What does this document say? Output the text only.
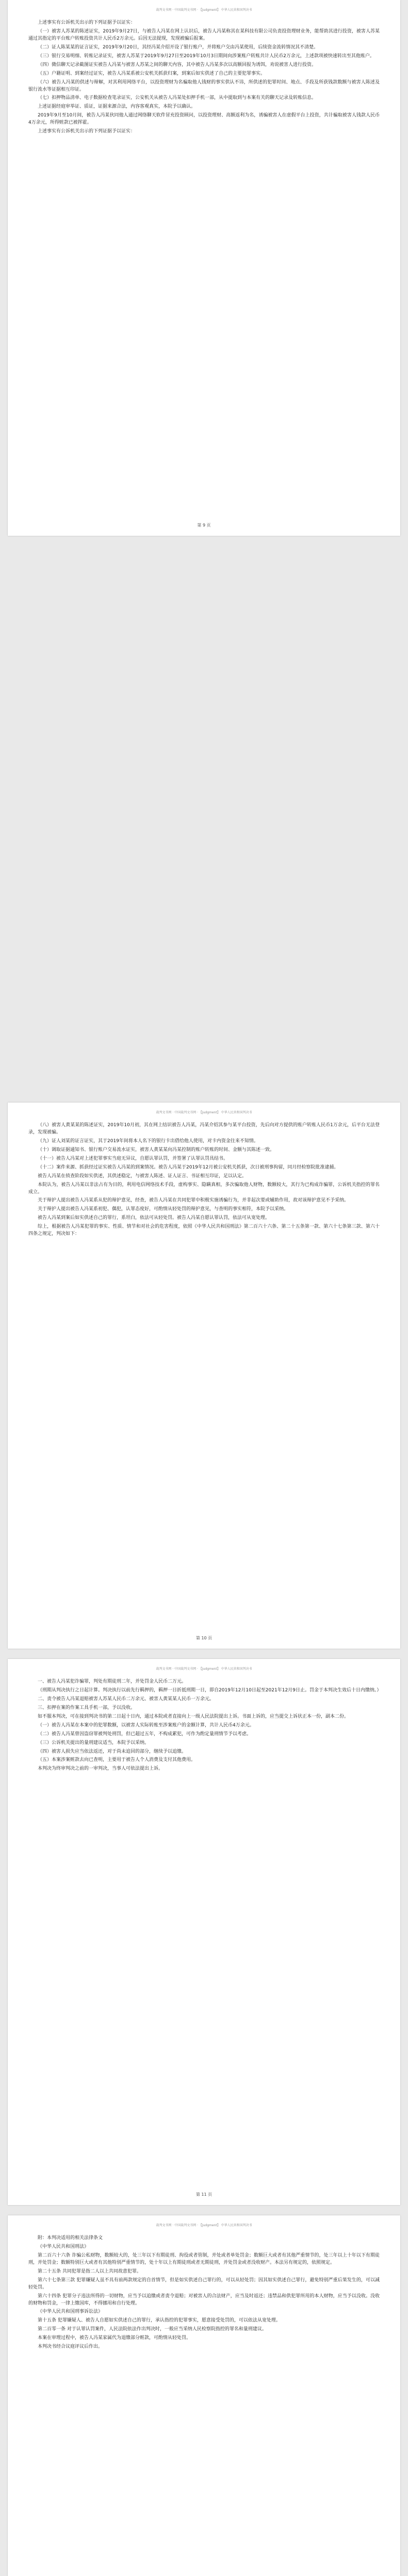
裁判文书网 · 中国裁判文书网 · 【Judgment】 中华人民共和国判决书

上述事实有公诉机关出示的下列证据予以证实：

（一）被害人苏某的陈述证实，2019年9月27日，与被告人冯某在网上认识后，被告人冯某称其在某科技有限公司负责投资理财业务，能帮助其进行投资，被害人苏某通过其指定的平台账户转账投资共计人民币2万余元。后因无法提现，发现被骗后报案。

（二）证人陈某某的证言证实，2019年9月20日，其经冯某介绍开设了银行账户，并将账户交由冯某使用，后续资金流转情况其不清楚。

（三）银行交易明细、转账记录证实，被害人苏某于2019年9月27日至2019年10月3日期间向涉案账户转账共计人民币2万余元，上述款项被快速转出至其他账户。

（四）微信聊天记录截图证实被告人冯某与被害人苏某之间的聊天内容，其中被告人冯某多次以高额回报为诱饵，劝说被害人进行投资。

（五）户籍证明、到案经过证实，被告人冯某系被公安机关抓获归案，到案后如实供述了自己的主要犯罪事实。

（六）被告人冯某的供述与辩解，对其利用网络平台，以投资理财为名骗取他人钱财的事实供认不讳，所供述的犯罪时间、地点、手段及所获钱款数额与被害人陈述及银行流水等证据相互印证。

（七）扣押物品清单、电子数据检查笔录证实，公安机关从被告人冯某处扣押手机一部，从中提取到与本案有关的聊天记录及转账信息。

上述证据经庭审举证、质证，证据来源合法，内容客观真实，本院予以确认。

2019年9月至10月间，被告人冯某伙同他人通过网络聊天软件冒充投资顾问，以投资理财、高额返利为名，诱骗被害人在虚假平台上投资，共计骗取被害人钱款人民币4万余元，所得赃款已被挥霍。

上述事实有公诉机关出示的下列证据予以证实：

第 9 页
裁判文书网 · 中国裁判文书网 · 【Judgment】 中华人民共和国判决书

（八）被害人黄某某的陈述证实，2019年10月初，其在网上结识被告人冯某，冯某介绍其参与某平台投资，先后向对方提供的账户转账人民币1万余元，后平台无法登录，发现被骗。

（九）证人刘某的证言证实，其于2019年间将本人名下的银行卡出借给他人使用，对卡内资金往来不知情。

（十）调取证据通知书、银行账户交易流水证实，被害人黄某某向冯某控制的账户转账的时间、金额与其陈述一致。

（十一）被告人冯某对上述犯罪事实当庭无异议，自愿认罪认罚，并签署了认罪认罚具结书。

（十二）案件来源、抓获经过证实被告人冯某的到案情况。被告人冯某于2019年12月被公安机关抓获，次日被刑事拘留，同月经检察院批准逮捕。

被告人冯某在侦查阶段如实供述，其供述稳定，与被害人陈述、证人证言、书证相互印证，足以认定。

本院认为，被告人冯某以非法占有为目的，利用电信网络技术手段，虚构事实、隐瞒真相，多次骗取他人财物，数额较大，其行为已构成诈骗罪，公诉机关指控的罪名成立。

关于辩护人提出被告人冯某系从犯的辩护意见，经查，被告人冯某在共同犯罪中积极实施诱骗行为，并非起次要或辅助作用，故对该辩护意见不予采纳。

关于辩护人提出被告人冯某系初犯、偶犯，认罪态度好，可酌情从轻处罚的辩护意见，与查明的事实相符，本院予以采纳。

被告人冯某到案后如实供述自己的罪行，系坦白，依法可从轻处罚。被告人冯某自愿认罪认罚，依法可从宽处理。

综上，根据被告人冯某犯罪的事实、性质、情节和对社会的危害程度，依照《中华人民共和国刑法》第二百六十六条、第二十五条第一款、第六十七条第三款、第六十四条之规定，判决如下：

第 10 页
裁判文书网 · 中国裁判文书网 · 【Judgment】 中华人民共和国判决书

一、被告人冯某犯诈骗罪，判处有期徒刑二年，并处罚金人民币二万元。

（刑期从判决执行之日起计算。判决执行以前先行羁押的，羁押一日折抵刑期一日，即自2019年12月10日起至2021年12月9日止。罚金于本判决生效后十日内缴纳。）

二、责令被告人冯某退赔被害人苏某人民币二万余元、被害人黄某某人民币一万余元。

三、扣押在案的作案工具手机一部，予以没收。

如不服本判决，可在接到判决书的第二日起十日内，通过本院或者直接向上一级人民法院提出上诉。书面上诉的，应当提交上诉状正本一份，副本二份。

（一）被告人冯某在本案中的犯罪数额，以被害人实际转账至涉案账户的金额计算，共计人民币4万余元。

（二）被告人冯某曾因盗窃罪被判处刑罚，但已超过五年，不构成累犯，可作为酌定量刑情节予以考虑。

（三）公诉机关提出的量刑建议适当，本院予以采纳。

（四）被害人损失应当依法返还，对于尚未追回的部分，继续予以追缴。

（五）本案涉案赃款去向已查明，主要用于被告人个人消费及支付其他费用。

本判决为终审判决之前的一审判决，当事人可依法提出上诉。

第 11 页
裁判文书网 · 中国裁判文书网 · 【Judgment】 中华人民共和国判决书

附：本判决适用的相关法律条文

《中华人民共和国刑法》

第二百六十六条 诈骗公私财物，数额较大的，处三年以下有期徒刑、拘役或者管制，并处或者单处罚金；数额巨大或者有其他严重情节的，处三年以上十年以下有期徒刑，并处罚金；数额特别巨大或者有其他特别严重情节的，处十年以上有期徒刑或者无期徒刑，并处罚金或者没收财产。本法另有规定的，依照规定。

第二十五条 共同犯罪是指二人以上共同故意犯罪。

第六十七条第三款 犯罪嫌疑人虽不具有前两款规定的自首情节，但是如实供述自己罪行的，可以从轻处罚；因其如实供述自己罪行，避免特别严重后果发生的，可以减轻处罚。

第六十四条 犯罪分子违法所得的一切财物，应当予以追缴或者责令退赔；对被害人的合法财产，应当及时返还；违禁品和供犯罪所用的本人财物，应当予以没收。没收的财物和罚金，一律上缴国库，不得挪用和自行处理。

《中华人民共和国刑事诉讼法》

第十五条 犯罪嫌疑人、被告人自愿如实供述自己的罪行，承认指控的犯罪事实，愿意接受处罚的，可以依法从宽处理。

第二百零一条 对于认罪认罚案件，人民法院依法作出判决时，一般应当采纳人民检察院指控的罪名和量刑建议。

本案在审理过程中，被告人冯某家属代为退缴部分赃款，可酌情从轻处罚。

本判决书经合议庭评议后作出。
